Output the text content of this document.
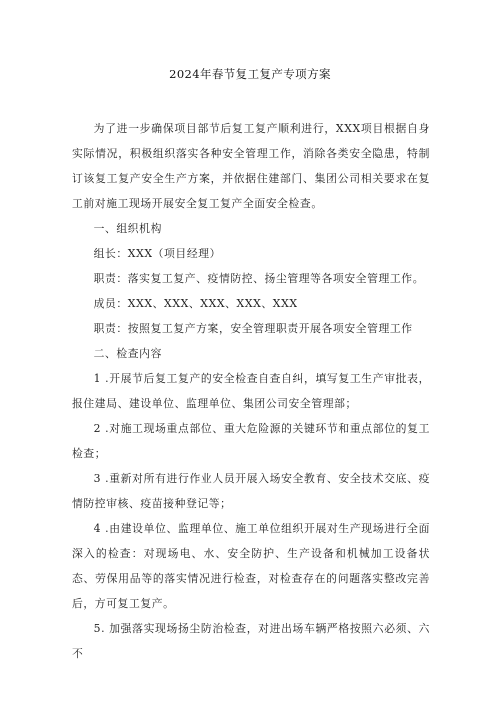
2024年春节复工复产专项方案

为了进一步确保项目部节后复工复产顺利进行，XXX项目根据自身实际情况，积极组织落实各种安全管理工作，消除各类安全隐患，特制订该复工复产安全生产方案，并依据住建部门、集团公司相关要求在复工前对施工现场开展安全复工复产全面安全检查。

一、组织机构

组长：XXX（项目经理）

职责：落实复工复产、疫情防控、扬尘管理等各项安全管理工作。

成员：XXX、XXX、XXX、XXX、XXX

职责：按照复工复产方案，安全管理职责开展各项安全管理工作

二、检查内容

1 .开展节后复工复产的安全检查自查自纠，填写复工生产审批表，报住建局、建设单位、监理单位、集团公司安全管理部；

2 .对施工现场重点部位、重大危险源的关键环节和重点部位的复工检查；

3 .重新对所有进行作业人员开展入场安全教育、安全技术交底、疫情防控审核、疫苗接种登记等；

4 .由建设单位、监理单位、施工单位组织开展对生产现场进行全面深入的检查：对现场电、水、安全防护、生产设备和机械加工设备状态、劳保用品等的落实情况进行检查，对检查存在的问题落实整改完善后，方可复工复产。

5. 加强落实现场扬尘防治检查，对进出场车辆严格按照六必须、六不
